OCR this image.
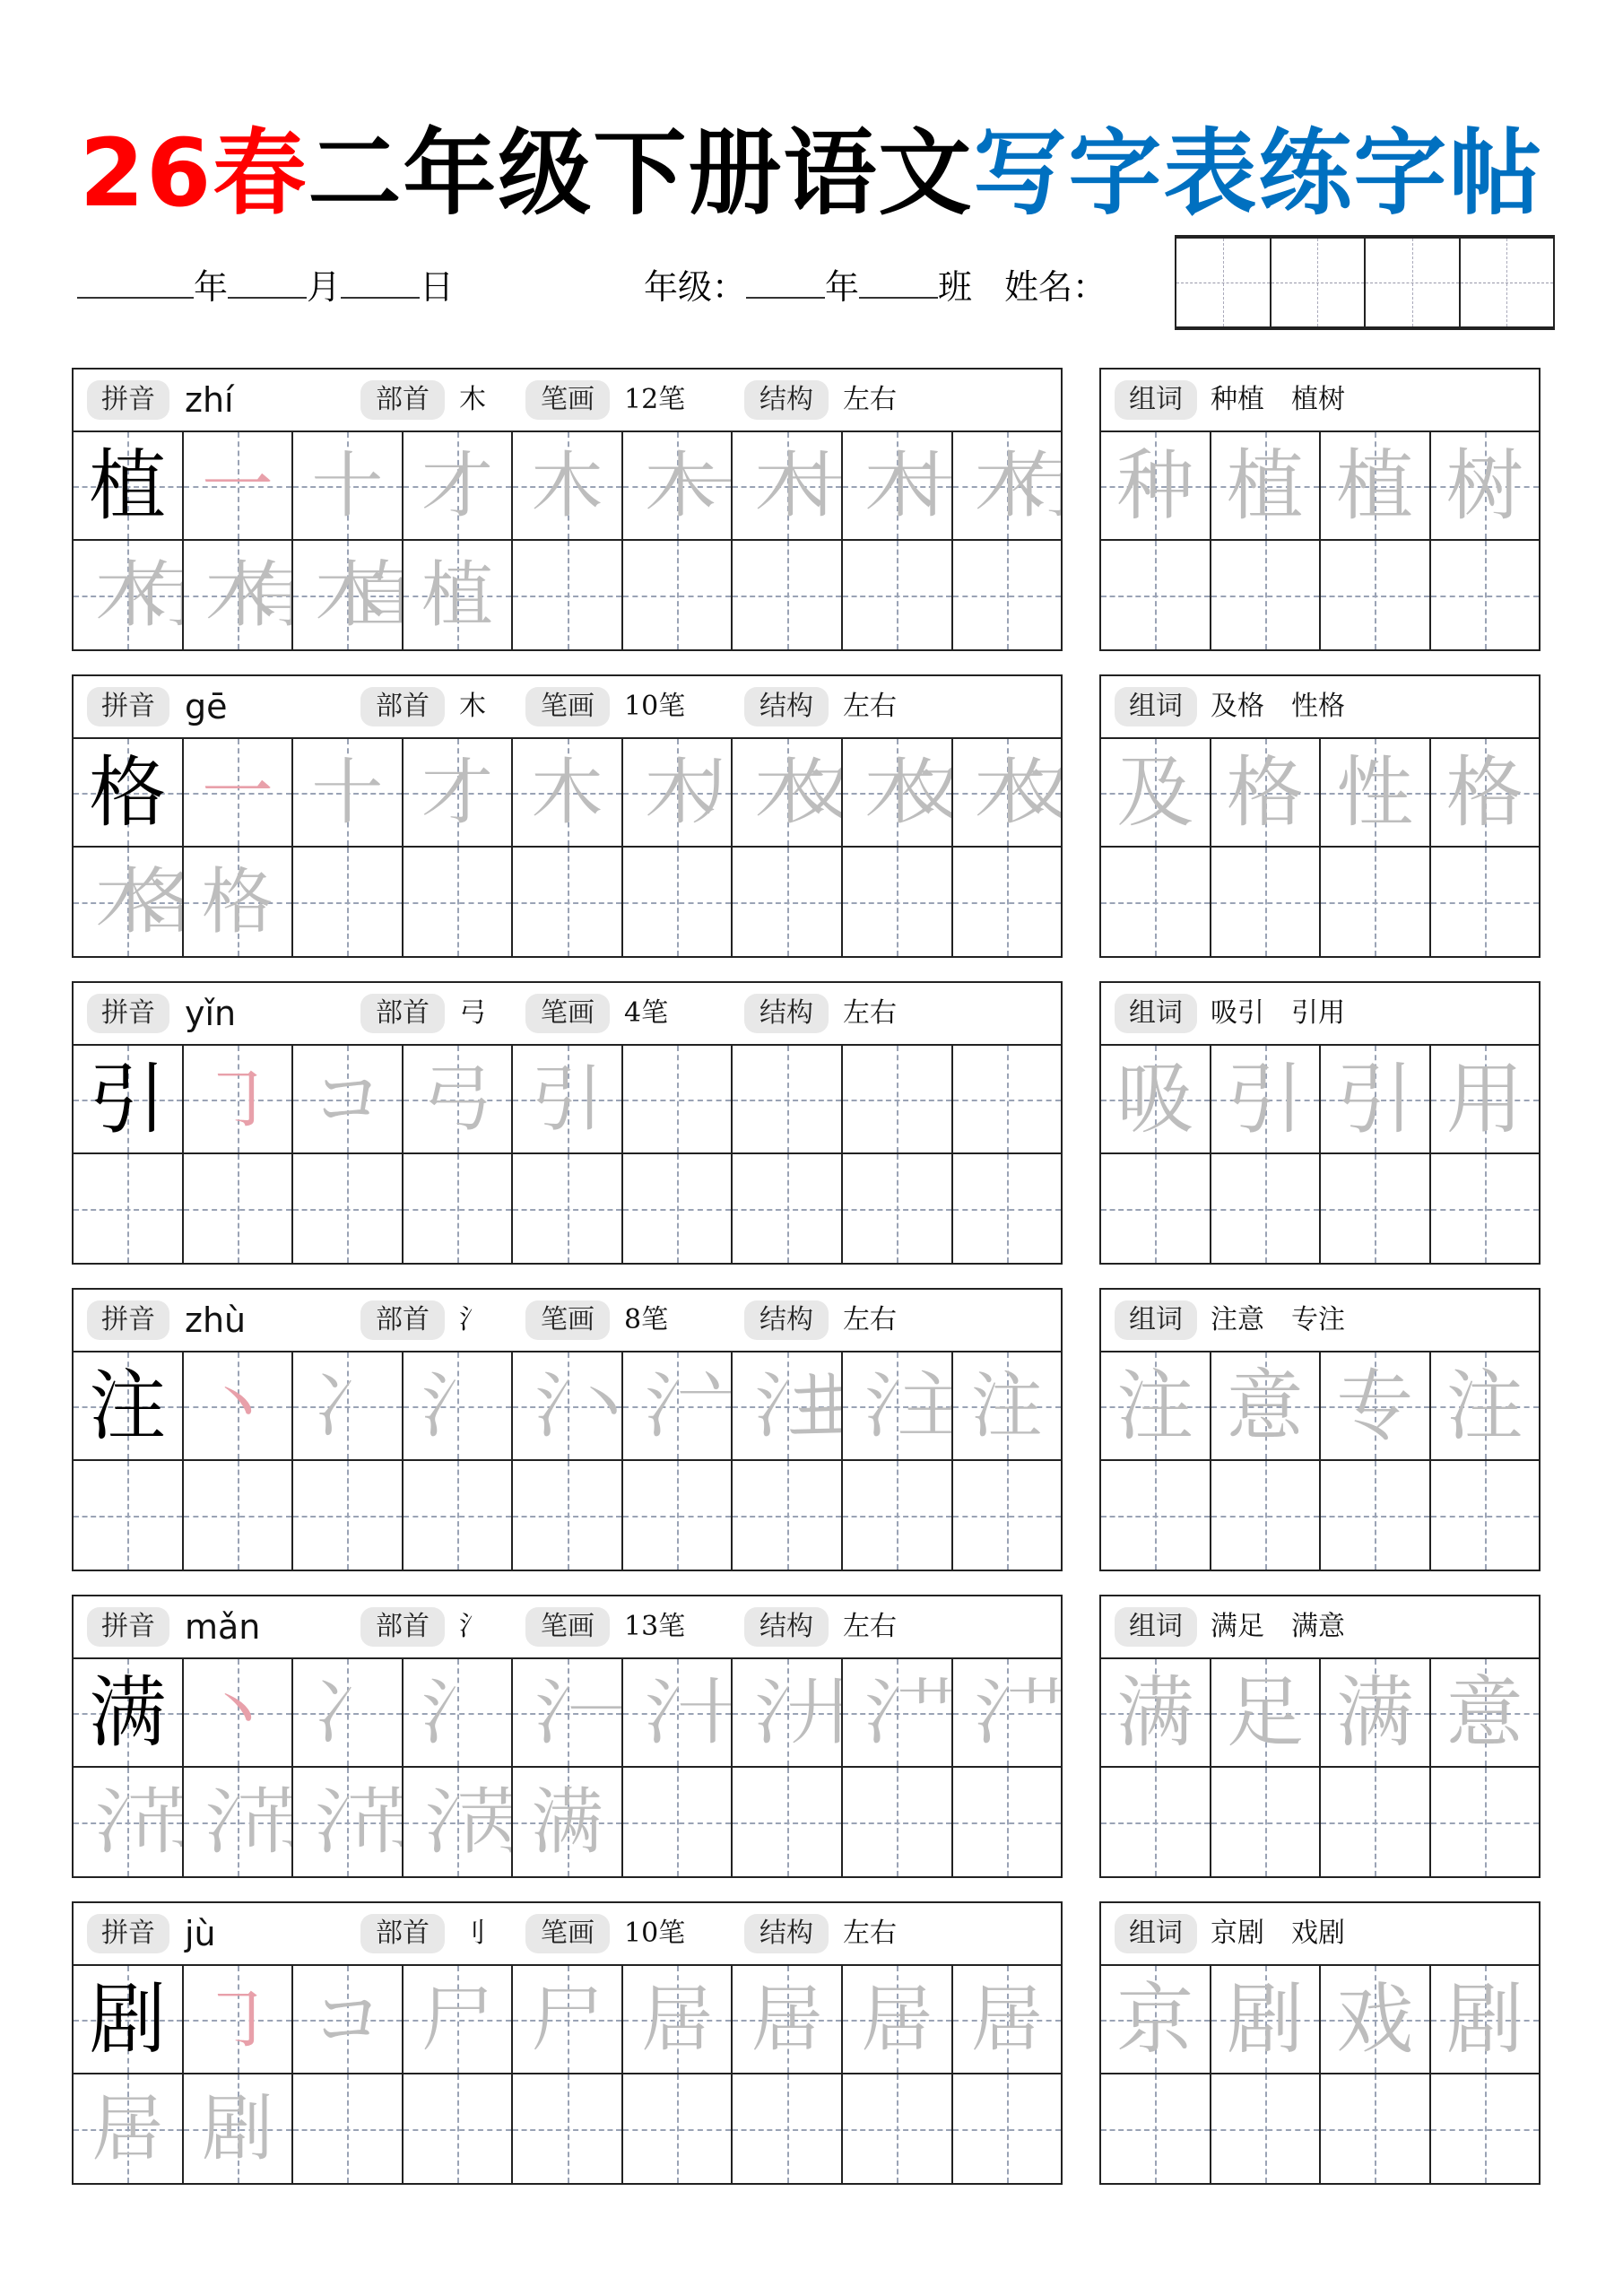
26春二年级下册语文写字表练字帖
年 月 日	年级： 年 班 姓名：
拼音 zhí	部首	木	笔画	12笔	结构	左右
植 一 十 才 木 木一 木十 木十 木冇
木冇 木有 木直 植
组词	种植　植树
种 植 植 树
拼音 gē	部首	木	笔画	10笔	结构	左右
格 一 十 才 木 木丿 木夂 木夂 木夂
木各 格
组词	及格　性格
及 格 性 格
拼音 yǐn	部首	弓	笔画	4笔	结构	左右
引 ㇆ コ 弓 引
组词	吸引　引用
吸 引 引 用
拼音 zhù	部首	氵	笔画	8笔	结构	左右
注 丶 冫 氵 氵丶 氵亠 氵𠀎 氵主 注
组词	注意　专注
注 意 专 注
拼音 mǎn	部首	氵	笔画	13笔	结构	左右
满 丶 冫 氵 氵一 氵十 氵廾 氵艹 氵艹
氵芇 氵芇 氵芇 氵苪 满
组词	满足　满意
满 足 满 意
拼音 jù	部首	刂	笔画	10笔	结构	左右
剧 ㇆ コ 尸 尸 居 居 居 居
居 剧
组词	京剧　戏剧
京 剧 戏 剧
